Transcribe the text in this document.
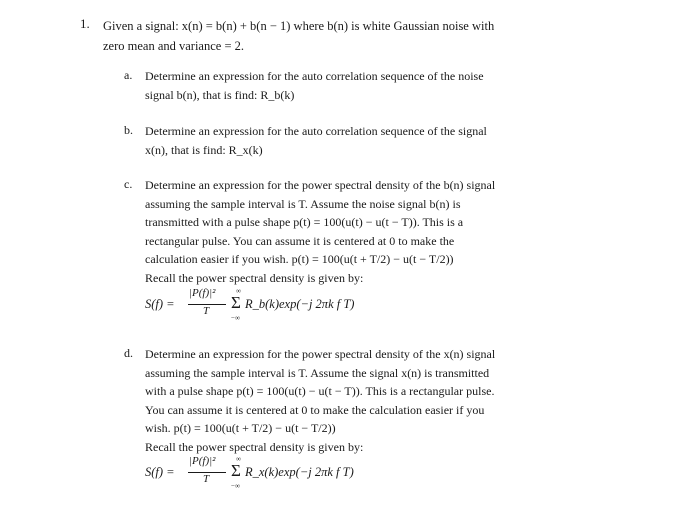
1. Given a signal: x(n) = b(n) + b(n − 1) where b(n) is white Gaussian noise with
zero mean and variance = 2.
a. Determine an expression for the auto correlation sequence of the noise
signal b(n), that is find: R_b(k)
b. Determine an expression for the auto correlation sequence of the signal
x(n), that is find: R_x(k)
c. Determine an expression for the power spectral density of the b(n) signal
assuming the sample interval is T. Assume the noise signal b(n) is
transmitted with a pulse shape p(t) = 100(u(t) − u(t − T)). This is a
rectangular pulse. You can assume it is centered at 0 to make the
calculation easier if you wish. p(t) = 100(u(t + T/2) − u(t − T/2))
Recall the power spectral density is given by:
S(f) =
|P(f)|²
T
∞
Σ
−∞
R_b(k)exp(−j 2πk f T)
d. Determine an expression for the power spectral density of the x(n) signal
assuming the sample interval is T. Assume the signal x(n) is transmitted
with a pulse shape p(t) = 100(u(t) − u(t − T)). This is a rectangular pulse.
You can assume it is centered at 0 to make the calculation easier if you
wish. p(t) = 100(u(t + T/2) − u(t − T/2))
Recall the power spectral density is given by:
S(f) =
|P(f)|²
T
∞
Σ
−∞
R_x(k)exp(−j 2πk f T)
